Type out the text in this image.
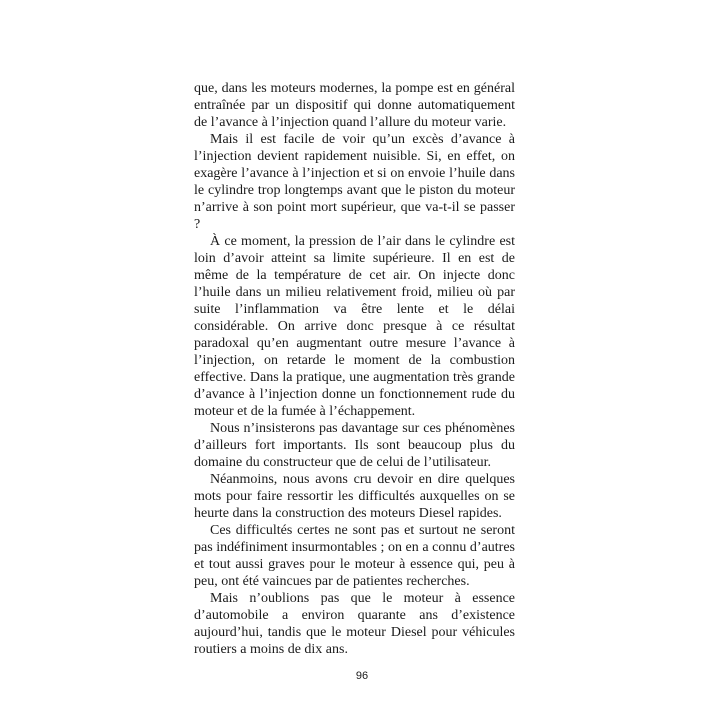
que, dans les moteurs modernes, la pompe est en général entraînée par un dispositif qui donne automatiquement de l’avance à l’injection quand l’allure du moteur varie.

Mais il est facile de voir qu’un excès d’avance à l’injection devient rapidement nuisible. Si, en effet, on exagère l’avance à l’injection et si on envoie l’huile dans le cylindre trop longtemps avant que le piston du moteur n’arrive à son point mort supérieur, que va-t-il se passer ?

À ce moment, la pression de l’air dans le cylindre est loin d’avoir atteint sa limite supérieure. Il en est de même de la température de cet air. On injecte donc l’huile dans un milieu relativement froid, milieu où par suite l’inflammation va être lente et le délai considérable. On arrive donc presque à ce résultat paradoxal qu’en augmentant outre mesure l’avance à l’injection, on retarde le moment de la combustion effective. Dans la pratique, une augmentation très grande d’avance à l’injection donne un fonctionnement rude du moteur et de la fumée à l’échappement.

Nous n’insisterons pas davantage sur ces phénomènes d’ailleurs fort importants. Ils sont beaucoup plus du domaine du constructeur que de celui de l’utilisateur.

Néanmoins, nous avons cru devoir en dire quelques mots pour faire ressortir les difficultés auxquelles on se heurte dans la construction des moteurs Diesel rapides.

Ces difficultés certes ne sont pas et surtout ne seront pas indéfiniment insurmontables ; on en a connu d’autres et tout aussi graves pour le moteur à essence qui, peu à peu, ont été vaincues par de patientes recherches.

Mais n’oublions pas que le moteur à essence d’automobile a environ quarante ans d’existence aujourd’hui, tandis que le moteur Diesel pour véhicules routiers a moins de dix ans.

96
